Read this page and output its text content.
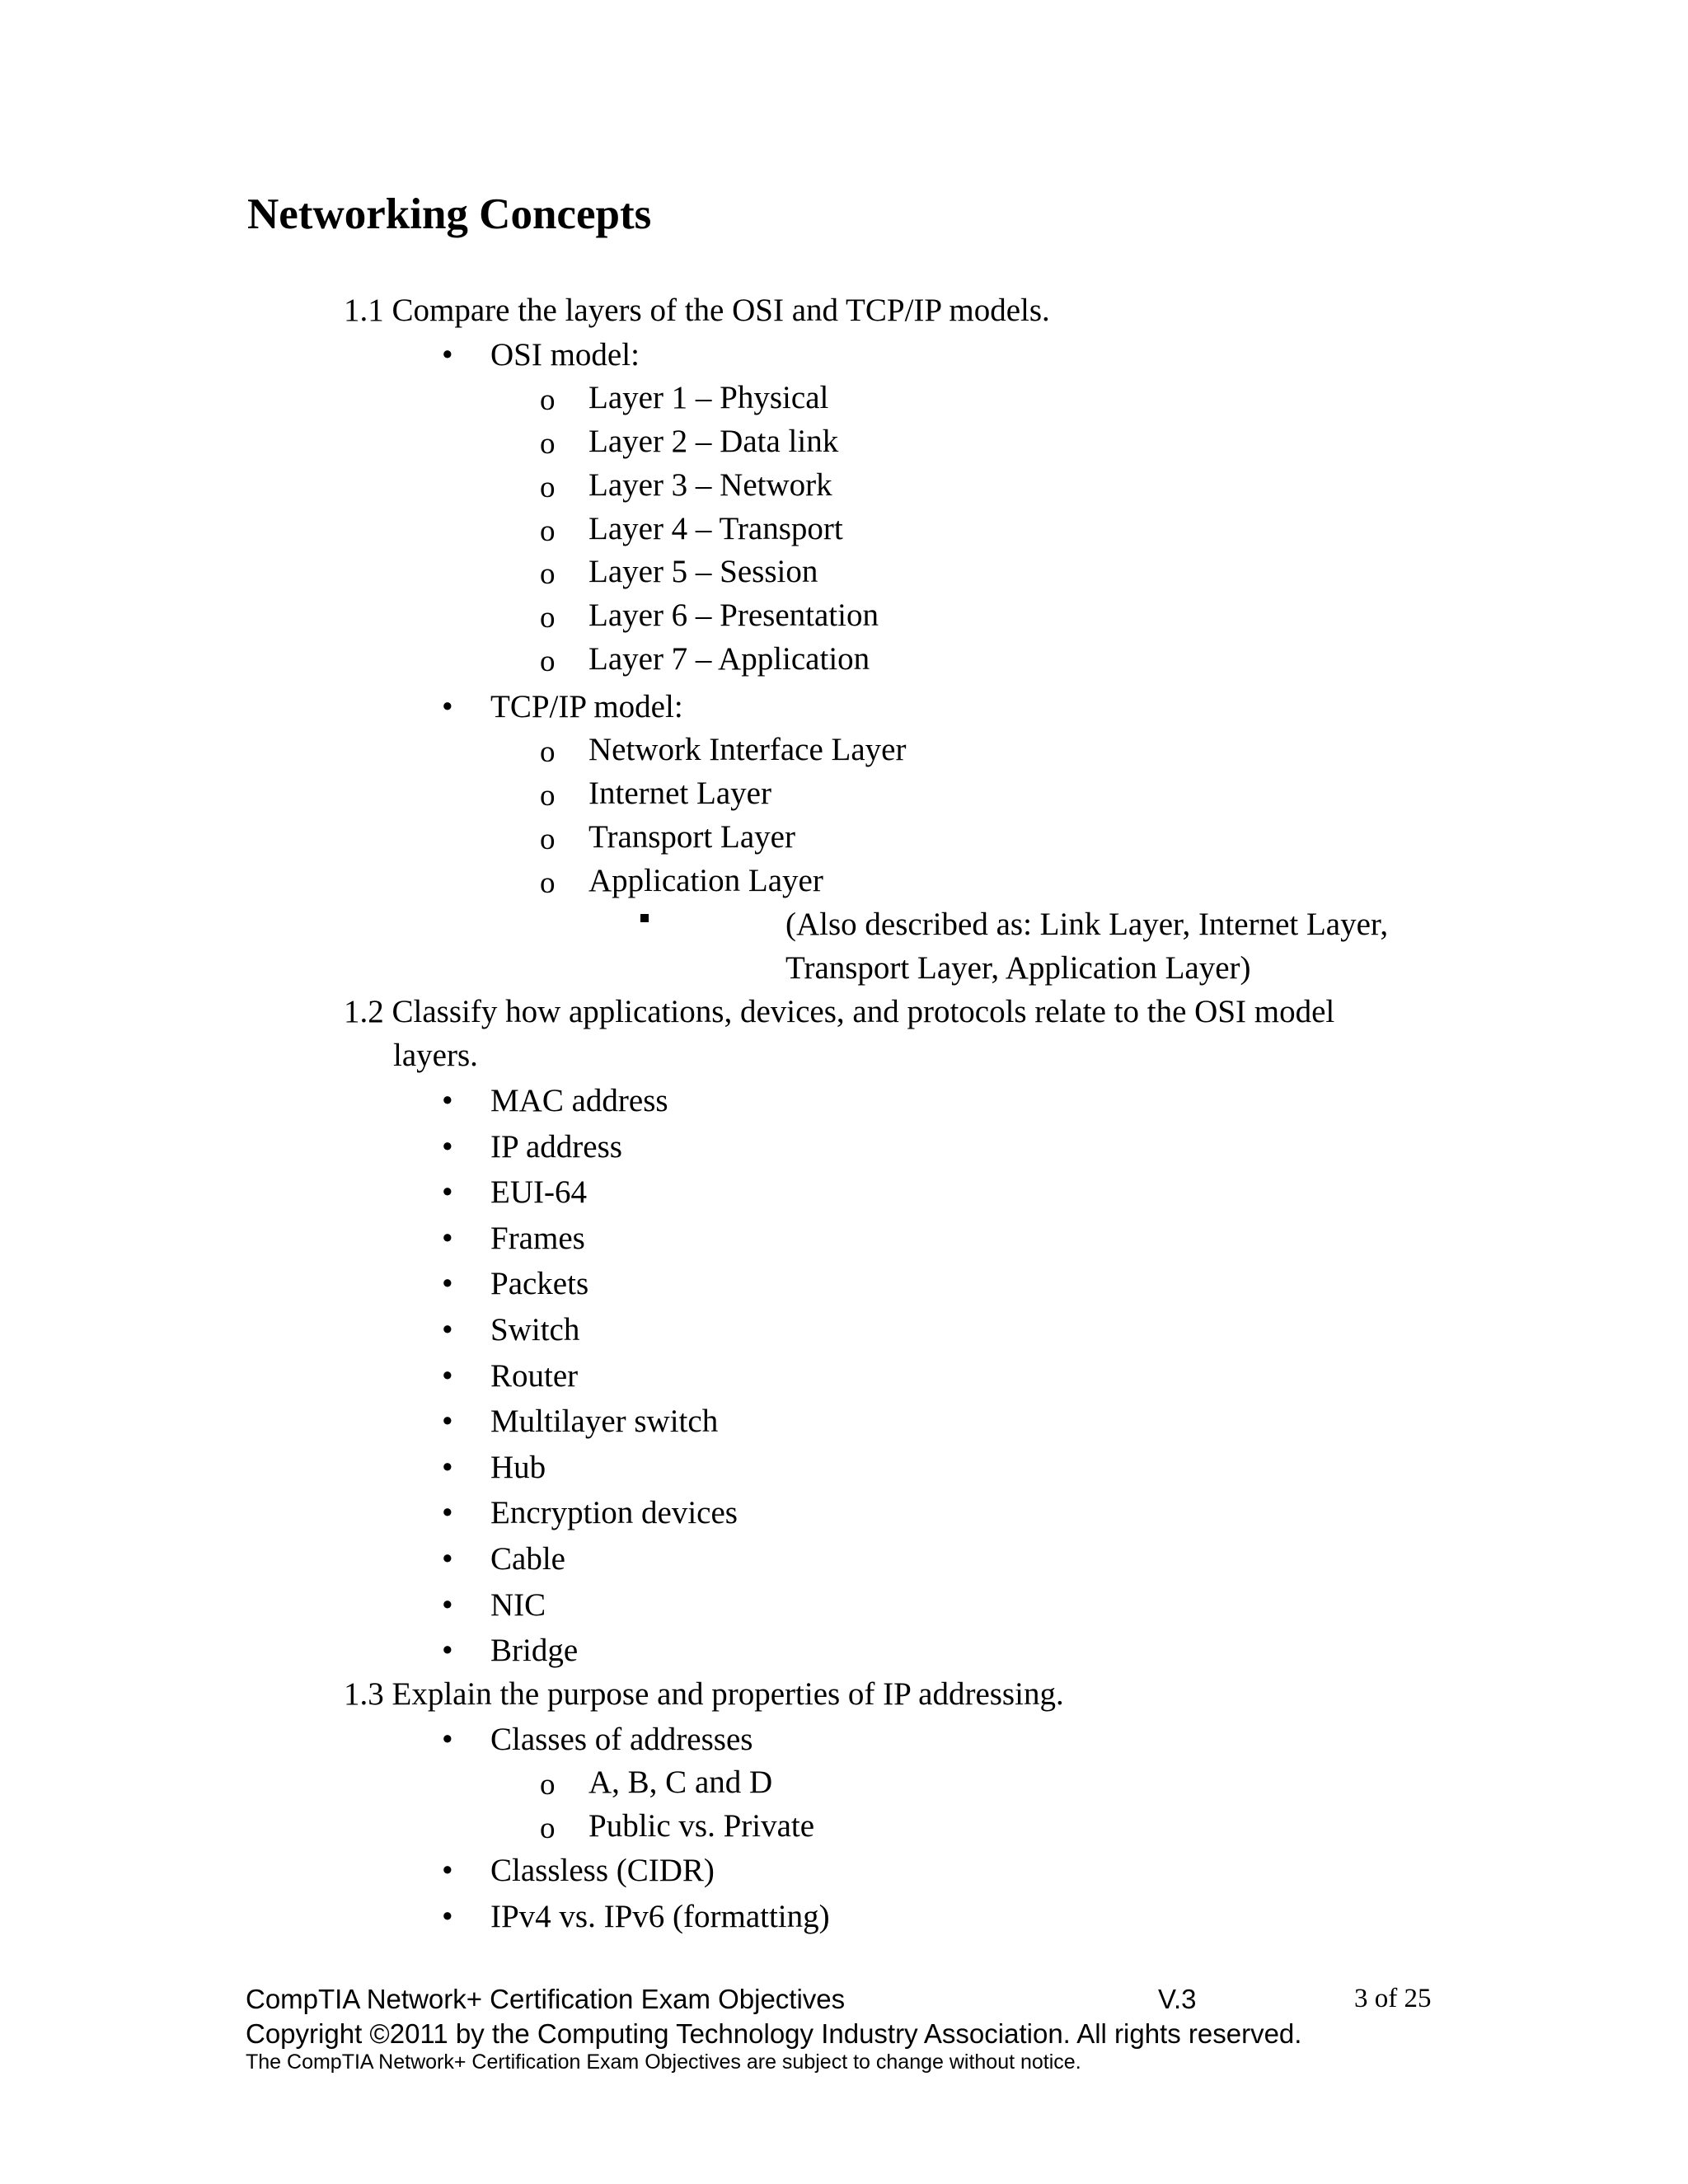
Networking Concepts
1.1 Compare the layers of the OSI and TCP/IP models.
• OSI model:
o Layer 1 – Physical
o Layer 2 – Data link
o Layer 3 – Network
o Layer 4 – Transport
o Layer 5 – Session
o Layer 6 – Presentation
o Layer 7 – Application
• TCP/IP model:
o Network Interface Layer
o Internet Layer
o Transport Layer
o Application Layer
(Also described as: Link Layer, Internet Layer,
Transport Layer, Application Layer)
1.2 Classify how applications, devices, and protocols relate to the OSI model
layers.
• MAC address
• IP address
• EUI-64
• Frames
• Packets
• Switch
• Router
• Multilayer switch
• Hub
• Encryption devices
• Cable
• NIC
• Bridge
1.3 Explain the purpose and properties of IP addressing.
• Classes of addresses
o A, B, C and D
o Public vs. Private
• Classless (CIDR)
• IPv4 vs. IPv6 (formatting)
CompTIA Network+ Certification Exam Objectives	V.3	3 of 25
Copyright ©2011 by the Computing Technology Industry Association. All rights reserved.
The CompTIA Network+ Certification Exam Objectives are subject to change without notice.
